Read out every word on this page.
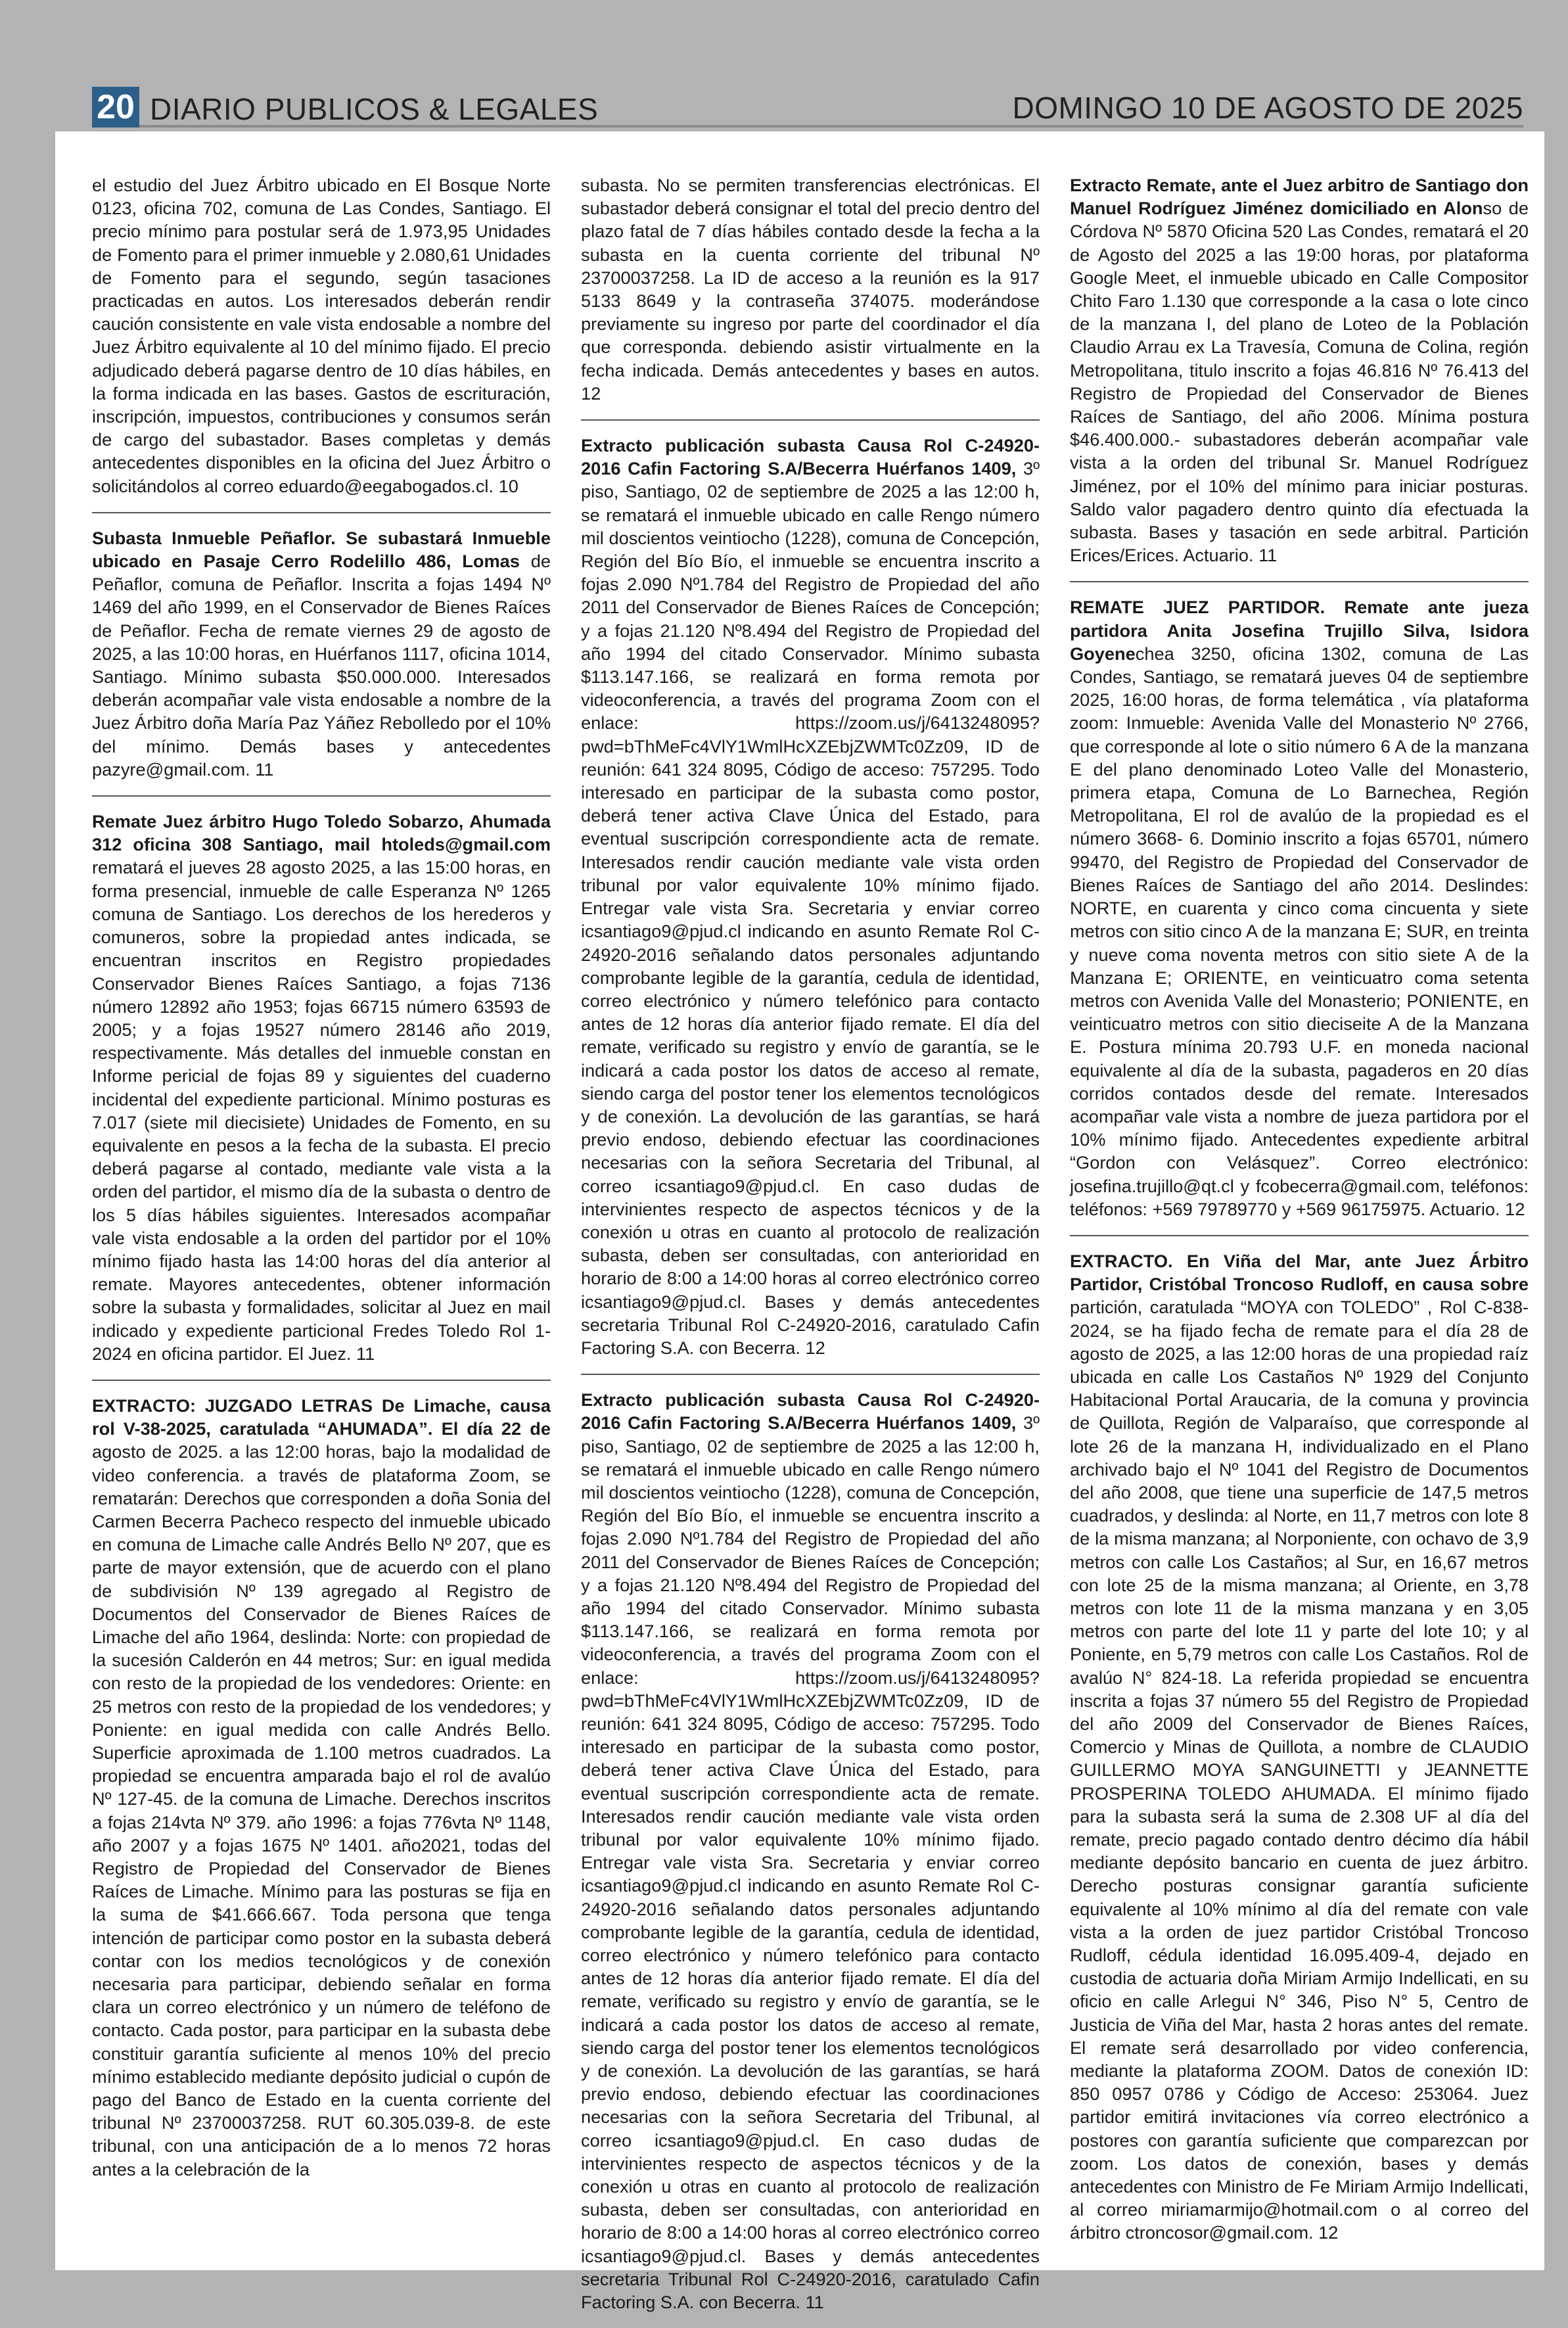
20 DIARIO PUBLICOS & LEGALES	DOMINGO 10 DE AGOSTO DE 2025

el estudio del Juez Árbitro ubicado en El Bosque Norte 0123, oficina 702, comuna de Las Condes, Santiago. El precio mínimo para postular será de 1.973,95 Unidades de Fomento para el primer inmueble y 2.080,61 Unidades de Fomento para el segundo, según tasaciones practicadas en autos. Los interesados deberán rendir caución consistente en vale vista endosable a nombre del Juez Árbitro equivalente al 10 del mínimo fijado. El precio adjudicado deberá pagarse dentro de 10 días hábiles, en la forma indicada en las bases. Gastos de escrituración, inscripción, impuestos, contribuciones y consumos serán de cargo del subastador. Bases completas y demás antecedentes disponibles en la oficina del Juez Árbitro o solicitándolos al correo eduardo@eegabogados.cl. 10

Subasta Inmueble Peñaflor. Se subastará Inmueble ubicado en Pasaje Cerro Rodelillo 486, Lomas de Peñaflor, comuna de Peñaflor. Inscrita a fojas 1494 Nº 1469 del año 1999, en el Conservador de Bienes Raíces de Peñaflor. Fecha de remate viernes 29 de agosto de 2025, a las 10:00 horas, en Huérfanos 1117, oficina 1014, Santiago. Mínimo subasta $50.000.000. Interesados deberán acompañar vale vista endosable a nombre de la Juez Árbitro doña María Paz Yáñez Rebolledo por el 10% del mínimo. Demás bases y antecedentes pazyre@gmail.com. 11

Remate Juez árbitro Hugo Toledo Sobarzo, Ahumada 312 oficina 308 Santiago, mail htoleds@gmail.com rematará el jueves 28 agosto 2025, a las 15:00 horas, en forma presencial, inmueble de calle Esperanza Nº 1265 comuna de Santiago. Los derechos de los herederos y comuneros, sobre la propiedad antes indicada, se encuentran inscritos en Registro propiedades Conservador Bienes Raíces Santiago, a fojas 7136 número 12892 año 1953; fojas 66715 número 63593 de 2005; y a fojas 19527 número 28146 año 2019, respectivamente. Más detalles del inmueble constan en Informe pericial de fojas 89 y siguientes del cuaderno incidental del expediente particional. Mínimo posturas es 7.017 (siete mil diecisiete) Unidades de Fomento, en su equivalente en pesos a la fecha de la subasta. El precio deberá pagarse al contado, mediante vale vista a la orden del partidor, el mismo día de la subasta o dentro de los 5 días hábiles siguientes. Interesados acompañar vale vista endosable a la orden del partidor por el 10% mínimo fijado hasta las 14:00 horas del día anterior al remate. Mayores antecedentes, obtener información sobre la subasta y formalidades, solicitar al Juez en mail indicado y expediente particional Fredes Toledo Rol 1-2024 en oficina partidor. El Juez. 11

EXTRACTO: JUZGADO LETRAS De Limache, causa rol V-38-2025, caratulada “AHUMADA”. El día 22 de agosto de 2025. a las 12:00 horas, bajo la modalidad de video conferencia. a través de plataforma Zoom, se rematarán: Derechos que corresponden a doña Sonia del Carmen Becerra Pacheco respecto del inmueble ubicado en comuna de Limache calle Andrés Bello Nº 207, que es parte de mayor extensión, que de acuerdo con el plano de subdivisión Nº 139 agregado al Registro de Documentos del Conservador de Bienes Raíces de Limache del año 1964, deslinda: Norte: con propiedad de la sucesión Calderón en 44 metros; Sur: en igual medida con resto de la propiedad de los vendedores: Oriente: en 25 metros con resto de la propiedad de los vendedores; y Poniente: en igual medida con calle Andrés Bello. Superficie aproximada de 1.100 metros cuadrados. La propiedad se encuentra amparada bajo el rol de avalúo Nº 127-45. de la comuna de Limache. Derechos inscritos a fojas 214vta Nº 379. año 1996: a fojas 776vta Nº 1148, año 2007 y a fojas 1675 Nº 1401. año2021, todas del Registro de Propiedad del Conservador de Bienes Raíces de Limache. Mínimo para las posturas se fija en la suma de $41.666.667. Toda persona que tenga intención de participar como postor en la subasta deberá contar con los medios tecnológicos y de conexión necesaria para participar, debiendo señalar en forma clara un correo electrónico y un número de teléfono de contacto. Cada postor, para participar en la subasta debe constituir garantía suficiente al menos 10% del precio mínimo establecido mediante depósito judicial o cupón de pago del Banco de Estado en la cuenta corriente del tribunal Nº 23700037258. RUT 60.305.039-8. de este tribunal, con una anticipación de a lo menos 72 horas antes a la celebración de la

subasta. No se permiten transferencias electrónicas. El subastador deberá consignar el total del precio dentro del plazo fatal de 7 días hábiles contado desde la fecha a la subasta en la cuenta corriente del tribunal Nº 23700037258. La ID de acceso a la reunión es la 917 5133 8649 y la contraseña 374075. moderándose previamente su ingreso por parte del coordinador el día que corresponda. debiendo asistir virtualmente en la fecha indicada. Demás antecedentes y bases en autos. 12

Extracto publicación subasta Causa Rol C-24920-2016 Cafin Factoring S.A/Becerra Huérfanos 1409, 3º piso, Santiago, 02 de septiembre de 2025 a las 12:00 h, se rematará el inmueble ubicado en calle Rengo número mil doscientos veintiocho (1228), comuna de Concepción, Región del Bío Bío, el inmueble se encuentra inscrito a fojas 2.090 Nº1.784 del Registro de Propiedad del año 2011 del Conservador de Bienes Raíces de Concepción; y a fojas 21.120 Nº8.494 del Registro de Propiedad del año 1994 del citado Conservador. Mínimo subasta $113.147.166, se realizará en forma remota por videoconferencia, a través del programa Zoom con el enlace: https://zoom.us/j/6413248095?pwd=bThMeFc4VlY1WmlHcXZEbjZWMTc0Zz09, ID de reunión: 641 324 8095, Código de acceso: 757295. Todo interesado en participar de la subasta como postor, deberá tener activa Clave Única del Estado, para eventual suscripción correspondiente acta de remate. Interesados rendir caución mediante vale vista orden tribunal por valor equivalente 10% mínimo fijado. Entregar vale vista Sra. Secretaria y enviar correo icsantiago9@pjud.cl indicando en asunto Remate Rol C-24920-2016 señalando datos personales adjuntando comprobante legible de la garantía, cedula de identidad, correo electrónico y número telefónico para contacto antes de 12 horas día anterior fijado remate. El día del remate, verificado su registro y envío de garantía, se le indicará a cada postor los datos de acceso al remate, siendo carga del postor tener los elementos tecnológicos y de conexión. La devolución de las garantías, se hará previo endoso, debiendo efectuar las coordinaciones necesarias con la señora Secretaria del Tribunal, al correo icsantiago9@pjud.cl. En caso dudas de intervinientes respecto de aspectos técnicos y de la conexión u otras en cuanto al protocolo de realización subasta, deben ser consultadas, con anterioridad en horario de 8:00 a 14:00 horas al correo electrónico correo icsantiago9@pjud.cl. Bases y demás antecedentes secretaria Tribunal Rol C-24920-2016, caratulado Cafin Factoring S.A. con Becerra. 12

Extracto publicación subasta Causa Rol C-24920-2016 Cafin Factoring S.A/Becerra Huérfanos 1409, 3º piso, Santiago, 02 de septiembre de 2025 a las 12:00 h, se rematará el inmueble ubicado en calle Rengo número mil doscientos veintiocho (1228), comuna de Concepción, Región del Bío Bío, el inmueble se encuentra inscrito a fojas 2.090 Nº1.784 del Registro de Propiedad del año 2011 del Conservador de Bienes Raíces de Concepción; y a fojas 21.120 Nº8.494 del Registro de Propiedad del año 1994 del citado Conservador. Mínimo subasta $113.147.166, se realizará en forma remota por videoconferencia, a través del programa Zoom con el enlace: https://zoom.us/j/6413248095?pwd=bThMeFc4VlY1WmlHcXZEbjZWMTc0Zz09, ID de reunión: 641 324 8095, Código de acceso: 757295. Todo interesado en participar de la subasta como postor, deberá tener activa Clave Única del Estado, para eventual suscripción correspondiente acta de remate. Interesados rendir caución mediante vale vista orden tribunal por valor equivalente 10% mínimo fijado. Entregar vale vista Sra. Secretaria y enviar correo icsantiago9@pjud.cl indicando en asunto Remate Rol C-24920-2016 señalando datos personales adjuntando comprobante legible de la garantía, cedula de identidad, correo electrónico y número telefónico para contacto antes de 12 horas día anterior fijado remate. El día del remate, verificado su registro y envío de garantía, se le indicará a cada postor los datos de acceso al remate, siendo carga del postor tener los elementos tecnológicos y de conexión. La devolución de las garantías, se hará previo endoso, debiendo efectuar las coordinaciones necesarias con la señora Secretaria del Tribunal, al correo icsantiago9@pjud.cl. En caso dudas de intervinientes respecto de aspectos técnicos y de la conexión u otras en cuanto al protocolo de realización subasta, deben ser consultadas, con anterioridad en horario de 8:00 a 14:00 horas al correo electrónico correo icsantiago9@pjud.cl. Bases y demás antecedentes secretaria Tribunal Rol C-24920-2016, caratulado Cafin Factoring S.A. con Becerra. 11

Extracto Remate, ante el Juez arbitro de Santiago don Manuel Rodríguez Jiménez domiciliado en Alonso de Córdova Nº 5870 Oficina 520 Las Condes, rematará el 20 de Agosto del 2025 a las 19:00 horas, por plataforma Google Meet, el inmueble ubicado en Calle Compositor Chito Faro 1.130 que corresponde a la casa o lote cinco de la manzana I, del plano de Loteo de la Población Claudio Arrau ex La Travesía, Comuna de Colina, región Metropolitana, titulo inscrito a fojas 46.816 Nº 76.413 del Registro de Propiedad del Conservador de Bienes Raíces de Santiago, del año 2006. Mínima postura $46.400.000.- subastadores deberán acompañar vale vista a la orden del tribunal Sr. Manuel Rodríguez Jiménez, por el 10% del mínimo para iniciar posturas. Saldo valor pagadero dentro quinto día efectuada la subasta. Bases y tasación en sede arbitral. Partición Erices/Erices. Actuario. 11

REMATE JUEZ PARTIDOR. Remate ante jueza partidora Anita Josefina Trujillo Silva, Isidora Goyenechea 3250, oficina 1302, comuna de Las Condes, Santiago, se rematará jueves 04 de septiembre 2025, 16:00 horas, de forma telemática , vía plataforma zoom: Inmueble: Avenida Valle del Monasterio Nº 2766, que corresponde al lote o sitio número 6 A de la manzana E del plano denominado Loteo Valle del Monasterio, primera etapa, Comuna de Lo Barnechea, Región Metropolitana, El rol de avalúo de la propiedad es el número 3668- 6. Dominio inscrito a fojas 65701, número 99470, del Registro de Propiedad del Conservador de Bienes Raíces de Santiago del año 2014. Deslindes: NORTE, en cuarenta y cinco coma cincuenta y siete metros con sitio cinco A de la manzana E; SUR, en treinta y nueve coma noventa metros con sitio siete A de la Manzana E; ORIENTE, en veinticuatro coma setenta metros con Avenida Valle del Monasterio; PONIENTE, en veinticuatro metros con sitio dieciseite A de la Manzana E. Postura mínima 20.793 U.F. en moneda nacional equivalente al día de la subasta, pagaderos en 20 días corridos contados desde del remate. Interesados acompañar vale vista a nombre de jueza partidora por el 10% mínimo fijado. Antecedentes expediente arbitral “Gordon con Velásquez”. Correo electrónico: josefina.trujillo@qt.cl y fcobecerra@gmail.com, teléfonos: teléfonos: +569 79789770 y +569 96175975. Actuario. 12

EXTRACTO. En Viña del Mar, ante Juez Árbitro Partidor, Cristóbal Troncoso Rudloff, en causa sobre partición, caratulada “MOYA con TOLEDO” , Rol C-838-2024, se ha fijado fecha de remate para el día 28 de agosto de 2025, a las 12:00 horas de una propiedad raíz ubicada en calle Los Castaños Nº 1929 del Conjunto Habitacional Portal Araucaria, de la comuna y provincia de Quillota, Región de Valparaíso, que corresponde al lote 26 de la manzana H, individualizado en el Plano archivado bajo el Nº 1041 del Registro de Documentos del año 2008, que tiene una superficie de 147,5 metros cuadrados, y deslinda: al Norte, en 11,7 metros con lote 8 de la misma manzana; al Norponiente, con ochavo de 3,9 metros con calle Los Castaños; al Sur, en 16,67 metros con lote 25 de la misma manzana; al Oriente, en 3,78 metros con lote 11 de la misma manzana y en 3,05 metros con parte del lote 11 y parte del lote 10; y al Poniente, en 5,79 metros con calle Los Castaños. Rol de avalúo N° 824-18. La referida propiedad se encuentra inscrita a fojas 37 número 55 del Registro de Propiedad del año 2009 del Conservador de Bienes Raíces, Comercio y Minas de Quillota, a nombre de CLAUDIO GUILLERMO MOYA SANGUINETTI y JEANNETTE PROSPERINA TOLEDO AHUMADA. El mínimo fijado para la subasta será la suma de 2.308 UF al día del remate, precio pagado contado dentro décimo día hábil mediante depósito bancario en cuenta de juez árbitro. Derecho posturas consignar garantía suficiente equivalente al 10% mínimo al día del remate con vale vista a la orden de juez partidor Cristóbal Troncoso Rudloff, cédula identidad 16.095.409-4, dejado en custodia de actuaria doña Miriam Armijo Indellicati, en su oficio en calle Arlegui N° 346, Piso N° 5, Centro de Justicia de Viña del Mar, hasta 2 horas antes del remate. El remate será desarrollado por video conferencia, mediante la plataforma ZOOM. Datos de conexión ID: 850 0957 0786 y Código de Acceso: 253064. Juez partidor emitirá invitaciones vía correo electrónico a postores con garantía suficiente que comparezcan por zoom. Los datos de conexión, bases y demás antecedentes con Ministro de Fe Miriam Armijo Indellicati, al correo miriamarmijo@hotmail.com o al correo del árbitro ctroncosor@gmail.com. 12
